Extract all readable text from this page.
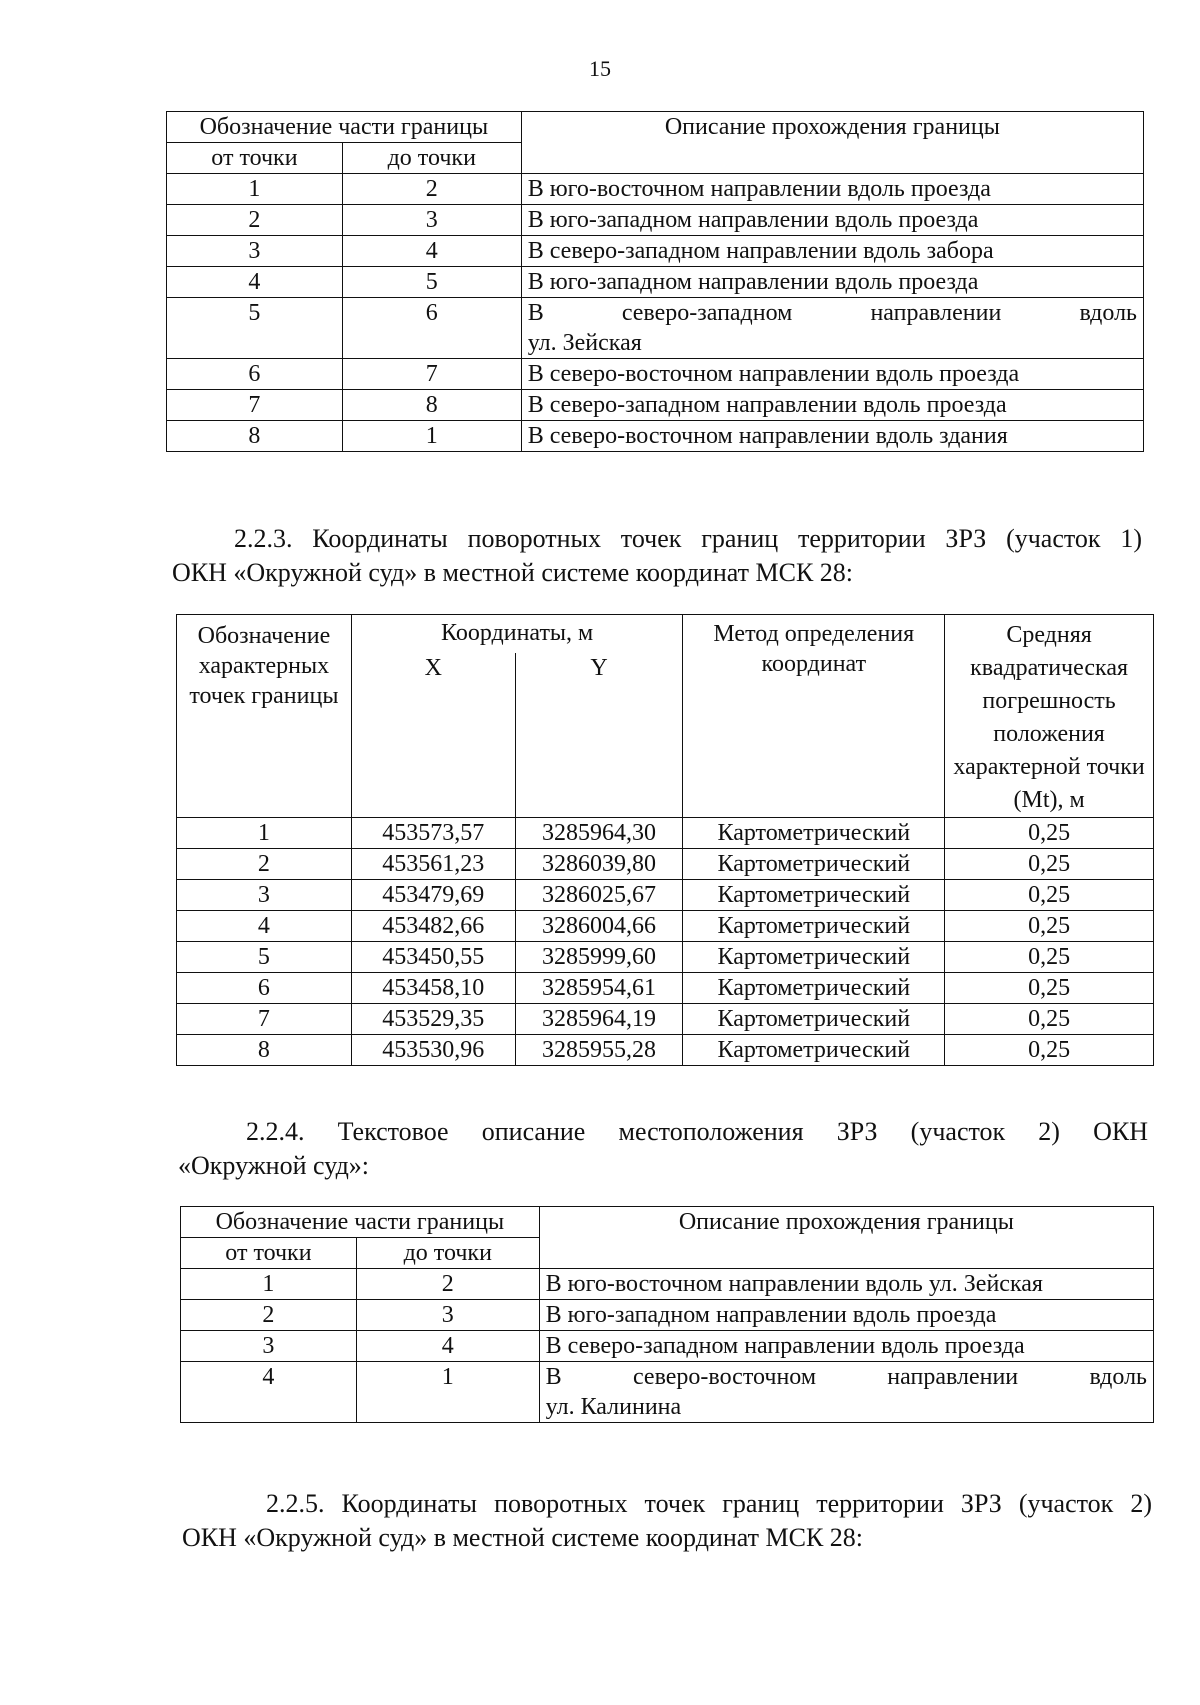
15
Обозначение части границы		Описание прохождения границы
от точки	до точки	
1	2	В юго-восточном направлении вдоль проезда
2	3	В юго-западном направлении вдоль проезда
3	4	В северо-западном направлении вдоль забора
4	5	В юго-западном направлении вдоль проезда
5	6	В северо-западном направлении вдоль
ул. Зейская

6	7	В северо-восточном направлении вдоль проезда
7	8	В северо-западном направлении вдоль проезда
8	1	В северо-восточном направлении вдоль здания
2.2.3. Координаты поворотных точек границ территории ЗРЗ (участок 1)
ОКН «Окружной суд» в местной системе координат МСК 28:
Обозначение характерных точек границы	Координаты, м		Метод определения координат	Средняя квадратическая погрешность положения характерной точки (Mt), м
	X	Y		
1	453573,57	3285964,30	Картометрический	0,25
2	453561,23	3286039,80	Картометрический	0,25
3	453479,69	3286025,67	Картометрический	0,25
4	453482,66	3286004,66	Картометрический	0,25
5	453450,55	3285999,60	Картометрический	0,25
6	453458,10	3285954,61	Картометрический	0,25
7	453529,35	3285964,19	Картометрический	0,25
8	453530,96	3285955,28	Картометрический	0,25
2.2.4. Текстовое описание местоположения ЗРЗ (участок 2) ОКН
«Окружной суд»:
Обозначение части границы		Описание прохождения границы
от точки	до точки	
1	2	В юго-восточном направлении вдоль ул. Зейская
2	3	В юго-западном направлении вдоль проезда
3	4	В северо-западном направлении вдоль проезда
4	1	В северо-восточном направлении вдоль
ул. Калинина
2.2.5. Координаты поворотных точек границ территории ЗРЗ (участок 2)
ОКН «Окружной суд» в местной системе координат МСК 28:
